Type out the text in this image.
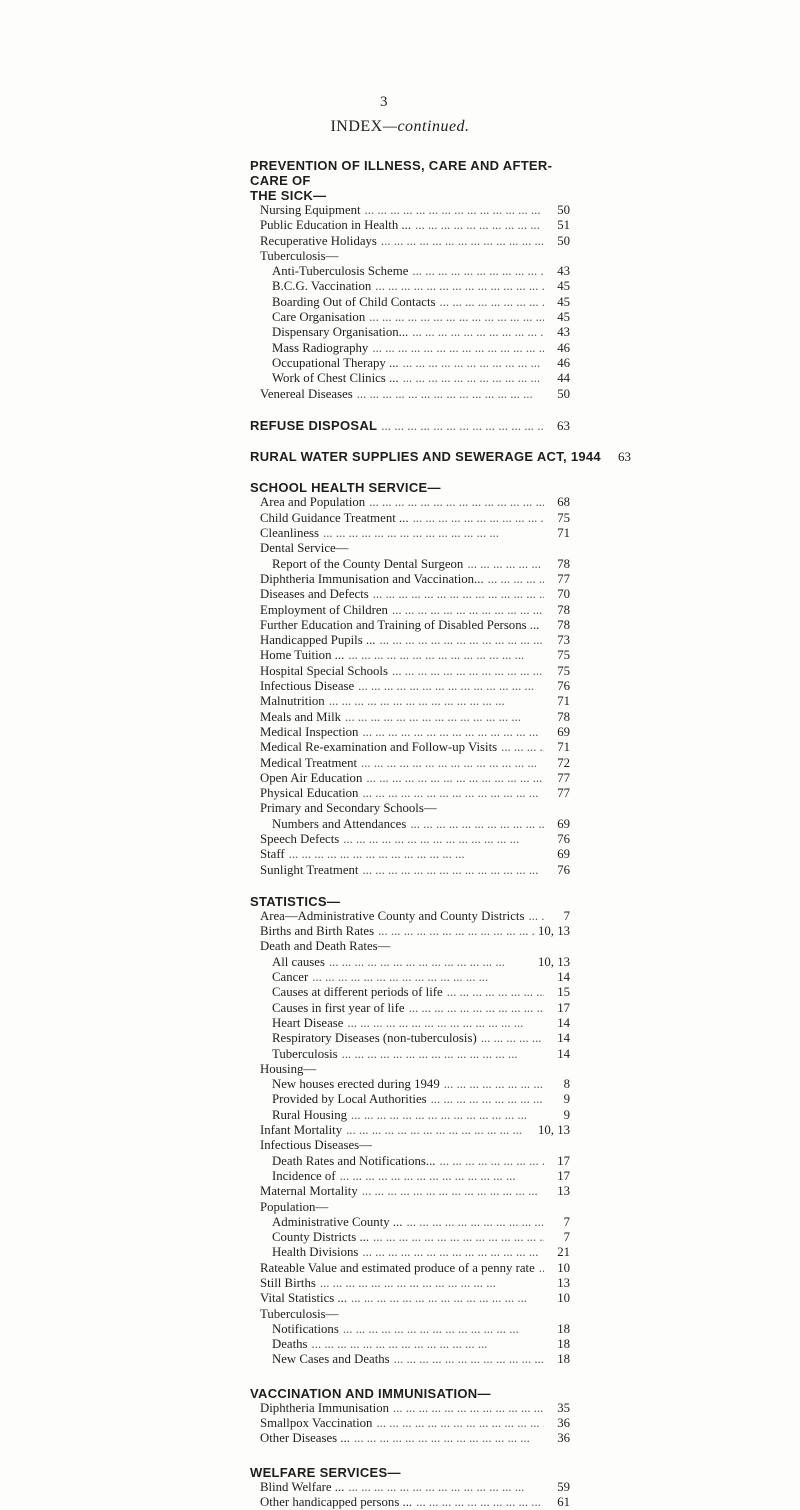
3
INDEX—continued.
PREVENTION OF ILLNESS, CARE AND AFTER-CARE OF
THE SICK—
Nursing Equipment ...	50
Public Education in Health ... ...	51
Recuperative Holidays ...	50
Tuberculosis—
Anti-Tuberculosis Scheme ...	43
B.C.G. Vaccination ...	45
Boarding Out of Child Contacts ...	45
Care Organisation ...	45
Dispensary Organisation... ...	43
Mass Radiography ...	46
Occupational Therapy ... ...	46
Work of Chest Clinics ... ...	44
Venereal Diseases ...	50
REFUSE DISPOSAL ...	63
RURAL WATER SUPPLIES AND SEWERAGE ACT, 1944 ...	63
SCHOOL HEALTH SERVICE—
Area and Population ...	68
Child Guidance Treatment ... ...	75
Cleanliness ...	71
Dental Service—
Report of the County Dental Surgeon ...	78
Diphtheria Immunisation and Vaccination... ...	77
Diseases and Defects ...	70
Employment of Children ...	78
Further Education and Training of Disabled Persons ... ...	78
Handicapped Pupils ... ...	73
Home Tuition ... ...	75
Hospital Special Schools ...	75
Infectious Disease ...	76
Malnutrition ...	71
Meals and Milk ...	78
Medical Inspection ...	69
Medical Re-examination and Follow-up Visits ...	71
Medical Treatment ...	72
Open Air Education ...	77
Physical Education ...	77
Primary and Secondary Schools—
Numbers and Attendances ...	69
Speech Defects ...	76
Staff ...	69
Sunlight Treatment ...	76
STATISTICS—
Area—Administrative County and County Districts ...	7
Births and Birth Rates ...	10, 13
Death and Death Rates—
All causes ...	10, 13
Cancer ...	14
Causes at different periods of life ...	15
Causes in first year of life ...	17
Heart Disease ...	14
Respiratory Diseases (non-tuberculosis) ...	14
Tuberculosis ...	14
Housing—
New houses erected during 1949 ...	8
Provided by Local Authorities ...	9
Rural Housing ...	9
Infant Mortality ...	10, 13
Infectious Diseases—
Death Rates and Notifications... ...	17
Incidence of ...	17
Maternal Mortality ...	13
Population—
Administrative County ... ...	7
County Districts ... ...	7
Health Divisions ...	21
Rateable Value and estimated produce of a penny rate ...	10
Still Births ...	13
Vital Statistics ... ...	10
Tuberculosis—
Notifications ...	18
Deaths ...	18
New Cases and Deaths ...	18
VACCINATION AND IMMUNISATION—
Diphtheria Immunisation ...	35
Smallpox Vaccination ...	36
Other Diseases ... ...	36
WELFARE SERVICES—
Blind Welfare ... ...	59
Other handicapped persons ... ...	61
